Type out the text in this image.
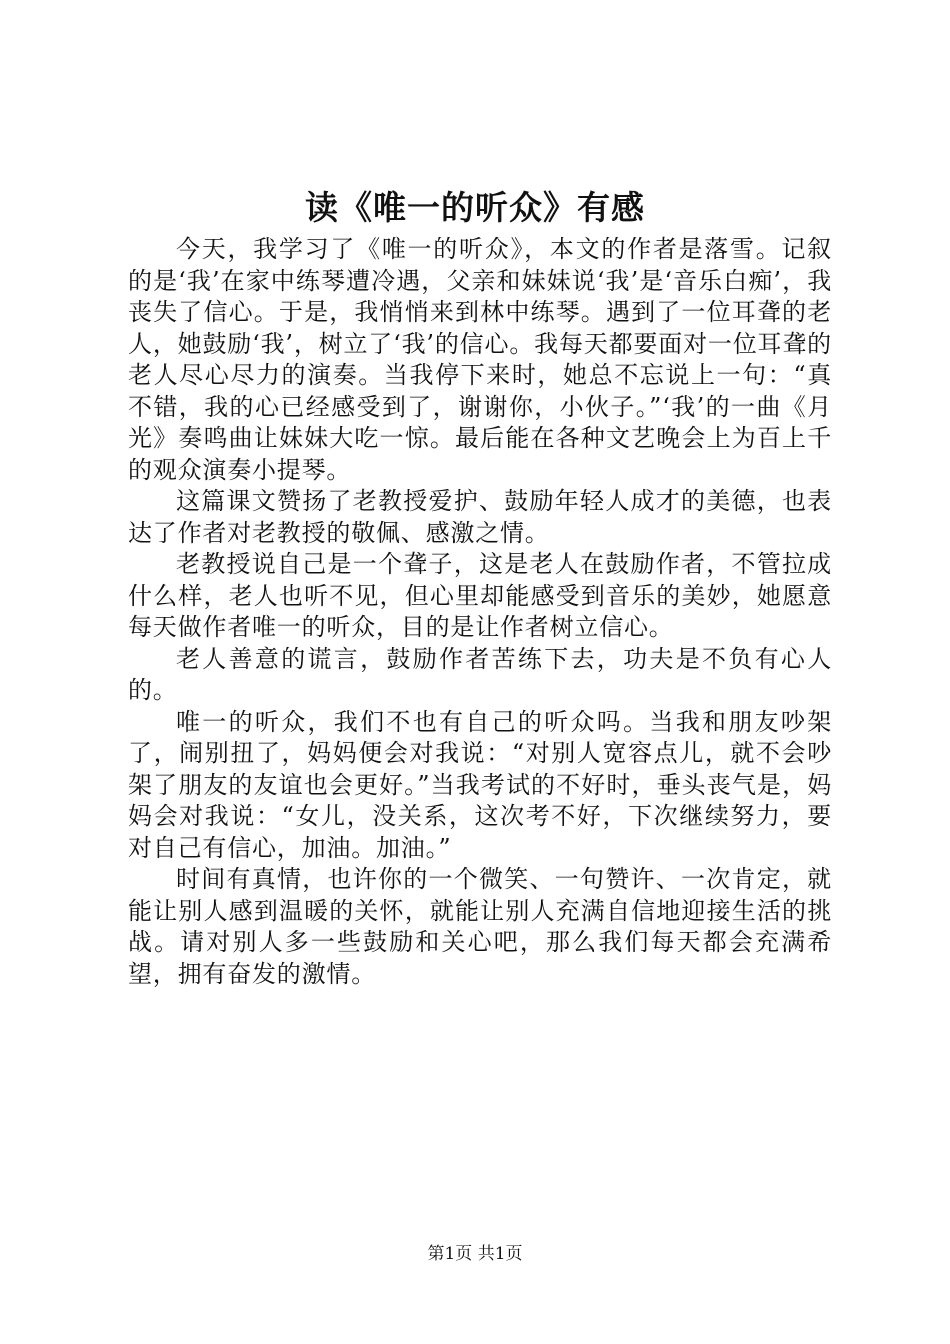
读《唯一的听众》有感

今天，我学习了《唯一的听众》，本文的作者是落雪。记叙的是‘我’在家中练琴遭冷遇，父亲和妹妹说‘我’是‘音乐白痴’，我丧失了信心。于是，我悄悄来到林中练琴。遇到了一位耳聋的老人，她鼓励‘我’，树立了‘我’的信心。我每天都要面对一位耳聋的老人尽心尽力的演奏。当我停下来时，她总不忘说上一句：“真不错，我的心已经感受到了，谢谢你，小伙子。”‘我’的一曲《月光》奏鸣曲让妹妹大吃一惊。最后能在各种文艺晚会上为百上千的观众演奏小提琴。

这篇课文赞扬了老教授爱护、鼓励年轻人成才的美德，也表达了作者对老教授的敬佩、感激之情。

老教授说自己是一个聋子，这是老人在鼓励作者，不管拉成什么样，老人也听不见，但心里却能感受到音乐的美妙，她愿意每天做作者唯一的听众，目的是让作者树立信心。

老人善意的谎言，鼓励作者苦练下去，功夫是不负有心人的。

唯一的听众，我们不也有自己的听众吗。当我和朋友吵架了，闹别扭了，妈妈便会对我说：“对别人宽容点儿，就不会吵架了朋友的友谊也会更好。”当我考试的不好时，垂头丧气是，妈妈会对我说：“女儿，没关系，这次考不好，下次继续努力，要对自己有信心，加油。加油。”

时间有真情，也许你的一个微笑、一句赞许、一次肯定，就能让别人感到温暖的关怀，就能让别人充满自信地迎接生活的挑战。请对别人多一些鼓励和关心吧，那么我们每天都会充满希望，拥有奋发的激情。

第1页 共1页
